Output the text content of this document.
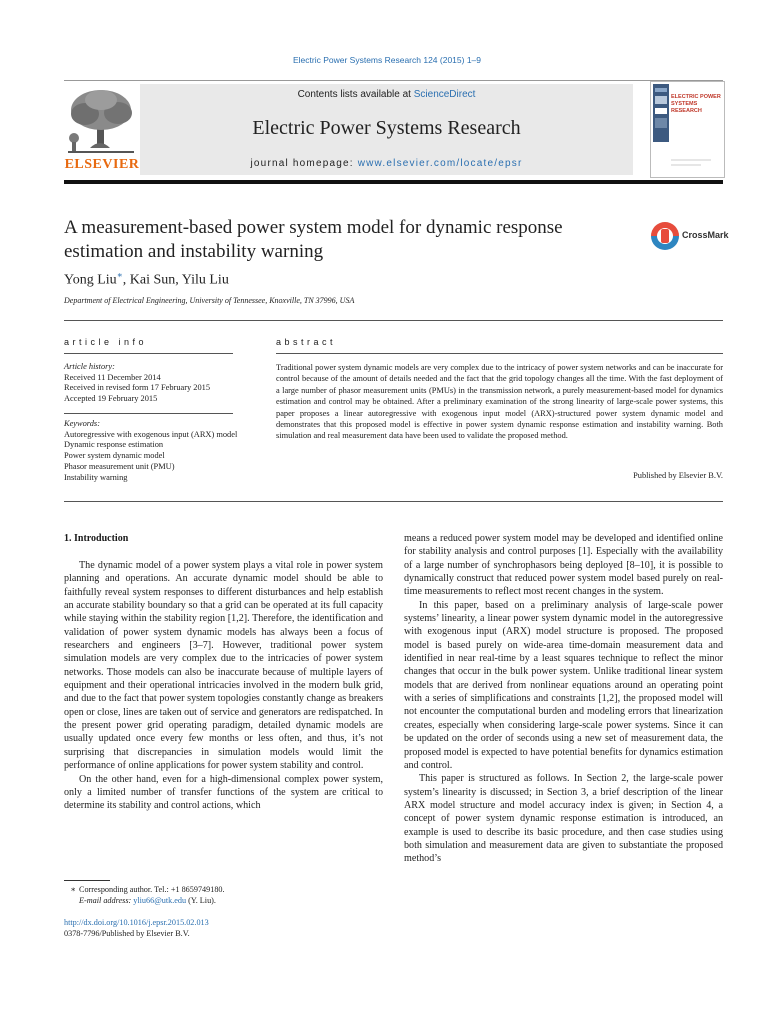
Electric Power Systems Research 124 (2015) 1–9
Contents lists available at ScienceDirect
Electric Power Systems Research
journal homepage: www.elsevier.com/locate/epsr
ELSEVIER
ELECTRIC POWER SYSTEMS RESEARCH
A measurement-based power system model for dynamic response estimation and instability warning
CrossMark
Yong Liu∗, Kai Sun, Yilu Liu
Department of Electrical Engineering, University of Tennessee, Knoxville, TN 37996, USA
article info	abstract
Article history:
Received 11 December 2014
Received in revised form 17 February 2015
Accepted 19 February 2015
Keywords:
Autoregressive with exogenous input (ARX) model
Dynamic response estimation
Power system dynamic model
Phasor measurement unit (PMU)
Instability warning
Traditional power system dynamic models are very complex due to the intricacy of power system networks and can be inaccurate for control because of the amount of details needed and the fact that the grid topology changes all the time. With the fast deployment of a large number of phasor measurement units (PMUs) in the transmission network, a purely measurement-based model for dynamics estimation and control may be obtained. After a preliminary examination of the strong linearity of large-scale power systems, this paper proposes a linear autoregressive with exogenous input model (ARX)-structured power system dynamic model and demonstrates that this proposed model is effective in power system dynamic response estimation and instability warning. Both simulation and real measurement data have been used to validate the proposed method.
Published by Elsevier B.V.
1. Introduction

The dynamic model of a power system plays a vital role in power system planning and operations. An accurate dynamic model should be able to faithfully reveal system responses to different disturbances and help establish an accurate stability boundary so that a grid can be operated at its full capacity while staying within the stability region [1,2]. Therefore, the identification and validation of power system dynamic models has always been a focus of researchers and engineers [3–7]. However, traditional power system simulation models are very complex due to the intricacies of power system networks. Those models can also be inaccurate because of multiple layers of equipment and their operational intricacies involved in the modern bulk grid, and due to the fact that power system topologies constantly change as breakers open or close, lines are taken out of service and generators are redispatched. In the present power grid operating paradigm, detailed dynamic models are usually updated once every few months or less often, and thus, it’s not surprising that discrepancies in simulation models would limit the performance of online applications for power system stability and control.

On the other hand, even for a high-dimensional complex power system, only a limited number of transfer functions of the system are critical to determine its stability and control actions, which

means a reduced power system model may be developed and identified online for stability analysis and control purposes [1]. Especially with the availability of a large number of synchrophasors being deployed [8–10], it is possible to dynamically construct that reduced power system model based purely on real-time measurements to reflect most recent changes in the system.

In this paper, based on a preliminary analysis of large-scale power systems’ linearity, a linear power system dynamic model in the autoregressive with exogenous input (ARX) model structure is proposed. The proposed model is based purely on wide-area time-domain measurement data and identified in near real-time by a least squares technique to reflect the minor changes that occur in the bulk power system. Unlike traditional linear system models that are derived from nonlinear equations around an operating point with a series of simplifications and constraints [1,2], the proposed model will not encounter the computational burden and modeling errors that linearization creates, especially when considering large-scale power systems. Since it can be updated on the order of seconds using a new set of measurement data, the proposed model is expected to have potential benefits for dynamics estimation and control.

This paper is structured as follows. In Section 2, the large-scale power system’s linearity is discussed; in Section 3, a brief description of the linear ARX model structure and model accuracy index is given; in Section 4, a concept of power system dynamic response estimation is introduced, an example is used to describe its basic procedure, and then case studies using both simulation and measurement data are given to substantiate the proposed method’s

∗ Corresponding author. Tel.: +1 8659749180.
E-mail address: yliu66@utk.edu (Y. Liu).
http://dx.doi.org/10.1016/j.epsr.2015.02.013
0378-7796/Published by Elsevier B.V.
